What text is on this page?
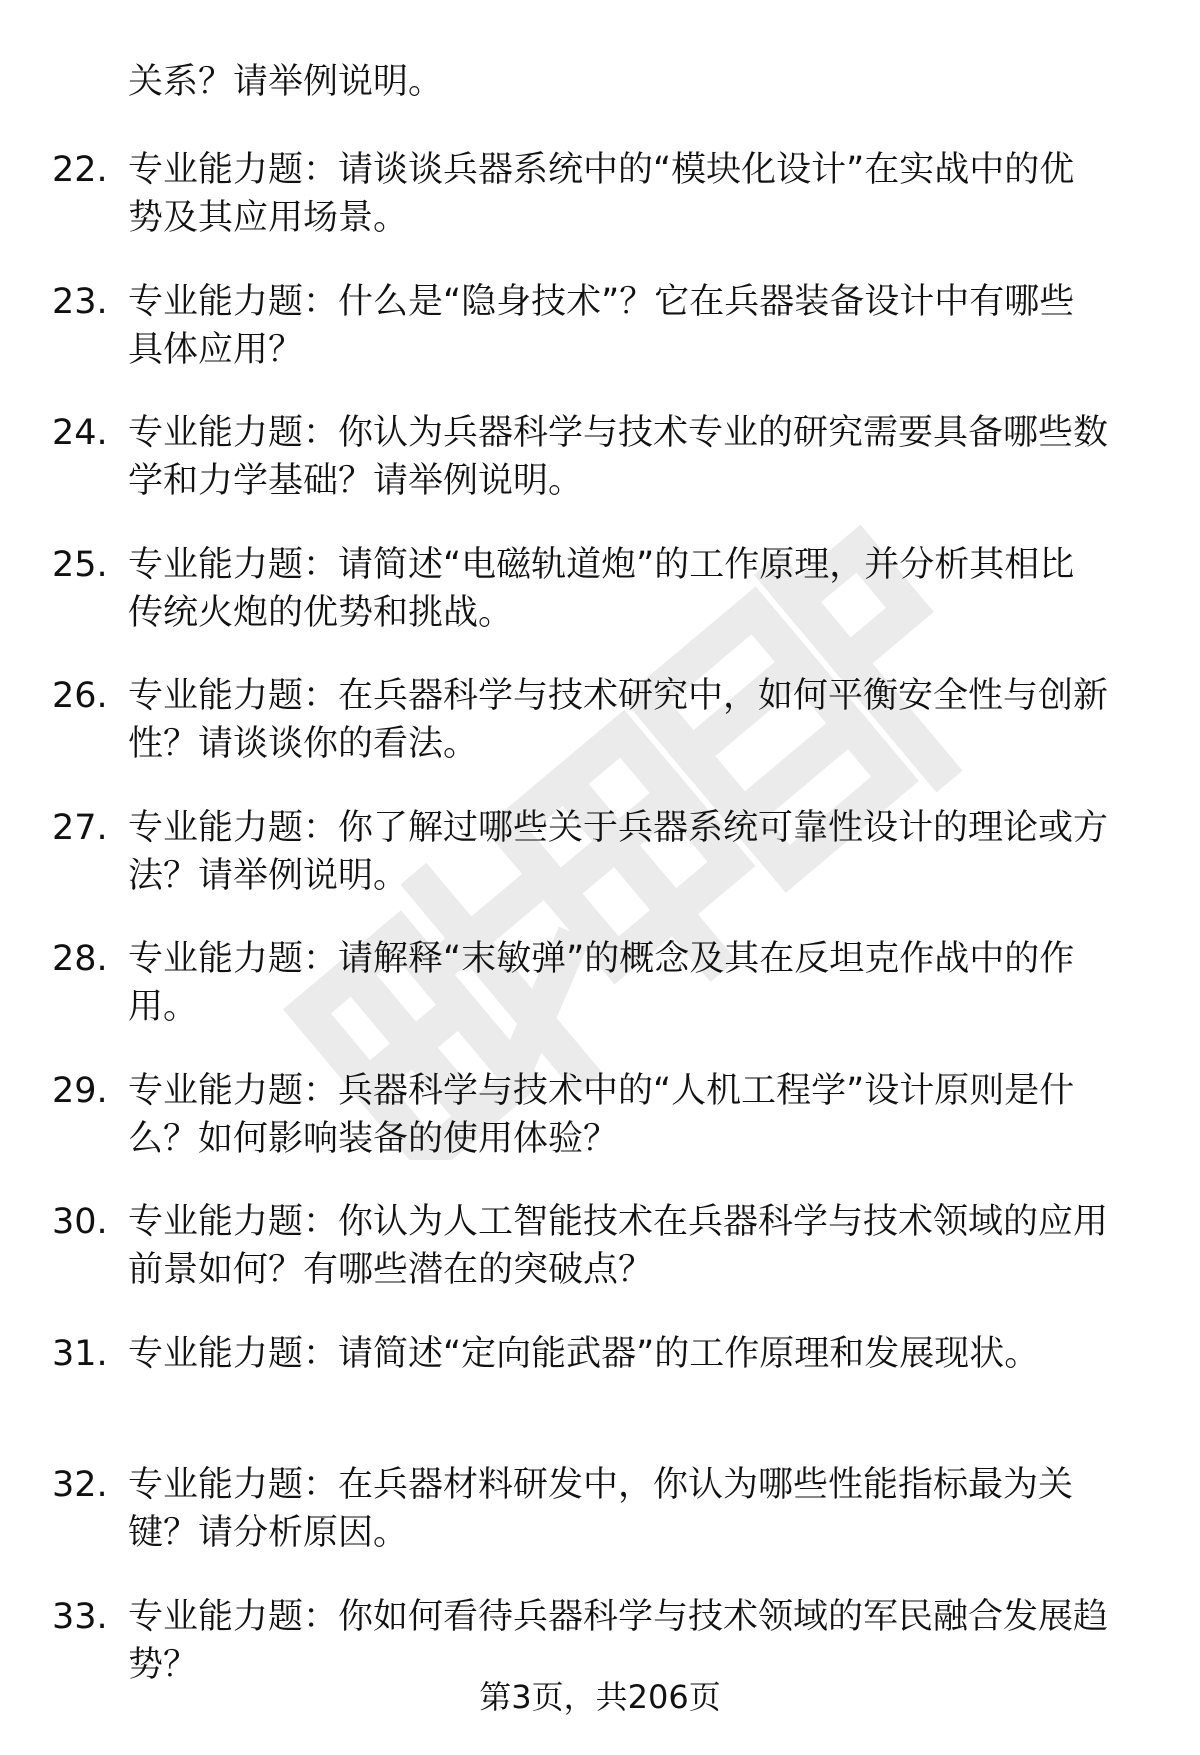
关系？请举例说明。
22. 专业能力题：请谈谈兵器系统中的“模块化设计”在实战中的优
势及其应用场景。
23. 专业能力题：什么是“隐身技术”？它在兵器装备设计中有哪些
具体应用？
24. 专业能力题：你认为兵器科学与技术专业的研究需要具备哪些数
学和力学基础？请举例说明。
25. 专业能力题：请简述“电磁轨道炮”的工作原理，并分析其相比
传统火炮的优势和挑战。
26. 专业能力题：在兵器科学与技术研究中，如何平衡安全性与创新
性？请谈谈你的看法。
27. 专业能力题：你了解过哪些关于兵器系统可靠性设计的理论或方
法？请举例说明。
28. 专业能力题：请解释“末敏弹”的概念及其在反坦克作战中的作
用。
29. 专业能力题：兵器科学与技术中的“人机工程学”设计原则是什
么？如何影响装备的使用体验？
30. 专业能力题：你认为人工智能技术在兵器科学与技术领域的应用
前景如何？有哪些潜在的突破点？
31. 专业能力题：请简述“定向能武器”的工作原理和发展现状。
32. 专业能力题：在兵器材料研发中，你认为哪些性能指标最为关
键？请分析原因。
33. 专业能力题：你如何看待兵器科学与技术领域的军民融合发展趋
势？
第3页，共206页
